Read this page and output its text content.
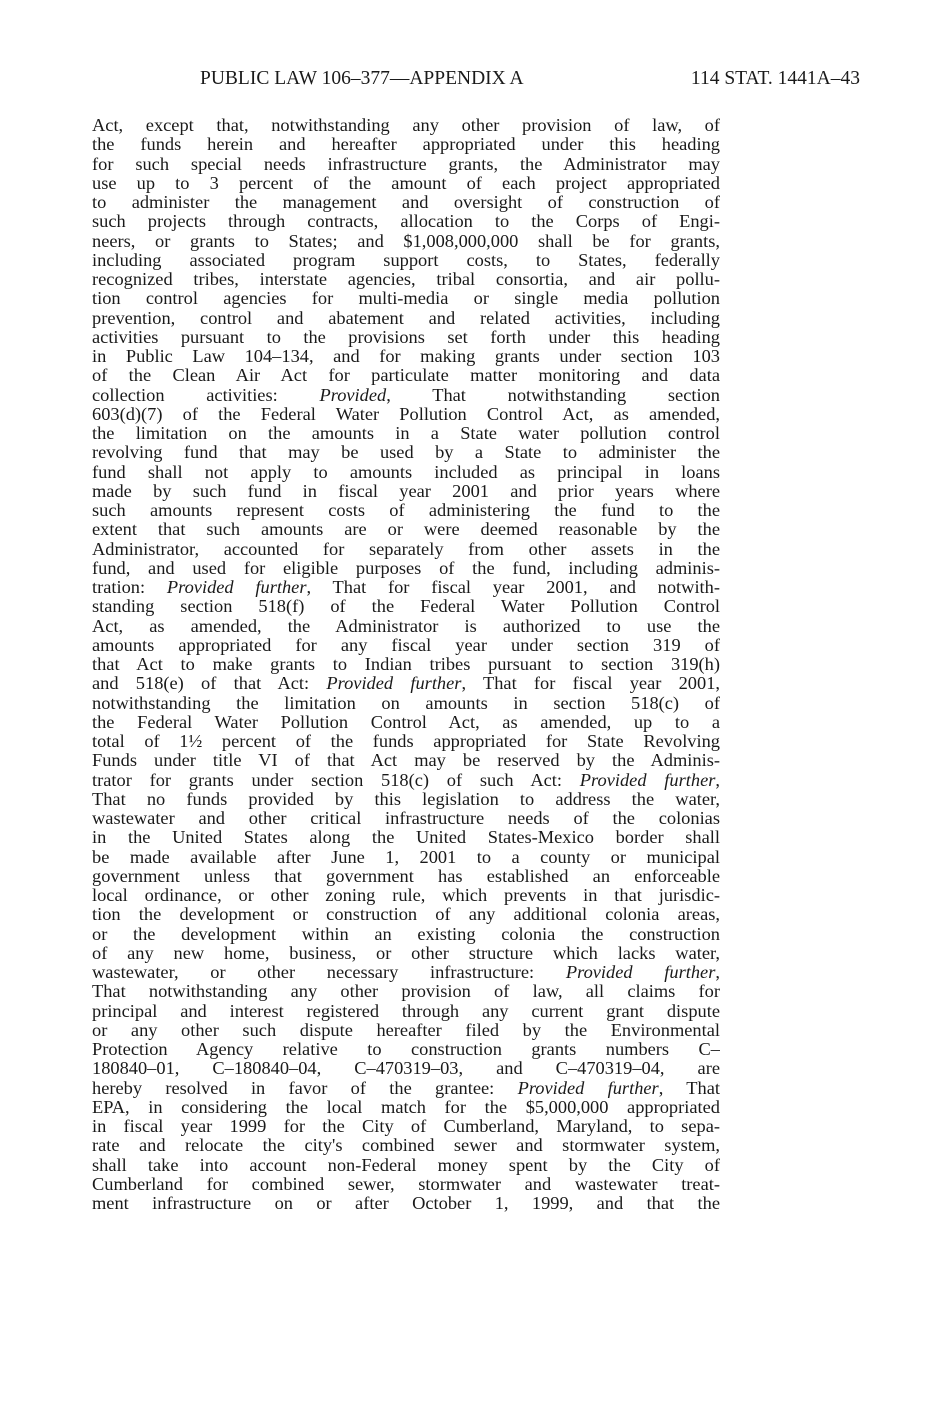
PUBLIC LAW 106–377—APPENDIX A	114 STAT. 1441A–43
Act, except that, notwithstanding any other provision of law, of
the funds herein and hereafter appropriated under this heading
for such special needs infrastructure grants, the Administrator may
use up to 3 percent of the amount of each project appropriated
to administer the management and oversight of construction of
such projects through contracts, allocation to the Corps of Engi-
neers, or grants to States; and $1,008,000,000 shall be for grants,
including associated program support costs, to States, federally
recognized tribes, interstate agencies, tribal consortia, and air pollu-
tion control agencies for multi-media or single media pollution
prevention, control and abatement and related activities, including
activities pursuant to the provisions set forth under this heading
in Public Law 104–134, and for making grants under section 103
of the Clean Air Act for particulate matter monitoring and data
collection activities: Provided, That notwithstanding section
603(d)(7) of the Federal Water Pollution Control Act, as amended,
the limitation on the amounts in a State water pollution control
revolving fund that may be used by a State to administer the
fund shall not apply to amounts included as principal in loans
made by such fund in fiscal year 2001 and prior years where
such amounts represent costs of administering the fund to the
extent that such amounts are or were deemed reasonable by the
Administrator, accounted for separately from other assets in the
fund, and used for eligible purposes of the fund, including adminis-
tration: Provided further, That for fiscal year 2001, and notwith-
standing section 518(f) of the Federal Water Pollution Control
Act, as amended, the Administrator is authorized to use the
amounts appropriated for any fiscal year under section 319 of
that Act to make grants to Indian tribes pursuant to section 319(h)
and 518(e) of that Act: Provided further, That for fiscal year 2001,
notwithstanding the limitation on amounts in section 518(c) of
the Federal Water Pollution Control Act, as amended, up to a
total of 1½ percent of the funds appropriated for State Revolving
Funds under title VI of that Act may be reserved by the Adminis-
trator for grants under section 518(c) of such Act: Provided further,
That no funds provided by this legislation to address the water,
wastewater and other critical infrastructure needs of the colonias
in the United States along the United States-Mexico border shall
be made available after June 1, 2001 to a county or municipal
government unless that government has established an enforceable
local ordinance, or other zoning rule, which prevents in that jurisdic-
tion the development or construction of any additional colonia areas,
or the development within an existing colonia the construction
of any new home, business, or other structure which lacks water,
wastewater, or other necessary infrastructure: Provided further,
That notwithstanding any other provision of law, all claims for
principal and interest registered through any current grant dispute
or any other such dispute hereafter filed by the Environmental
Protection Agency relative to construction grants numbers C–
180840–01, C–180840–04, C–470319–03, and C–470319–04, are
hereby resolved in favor of the grantee: Provided further, That
EPA, in considering the local match for the $5,000,000 appropriated
in fiscal year 1999 for the City of Cumberland, Maryland, to sepa-
rate and relocate the city's combined sewer and stormwater system,
shall take into account non-Federal money spent by the City of
Cumberland for combined sewer, stormwater and wastewater treat-
ment infrastructure on or after October 1, 1999, and that the
